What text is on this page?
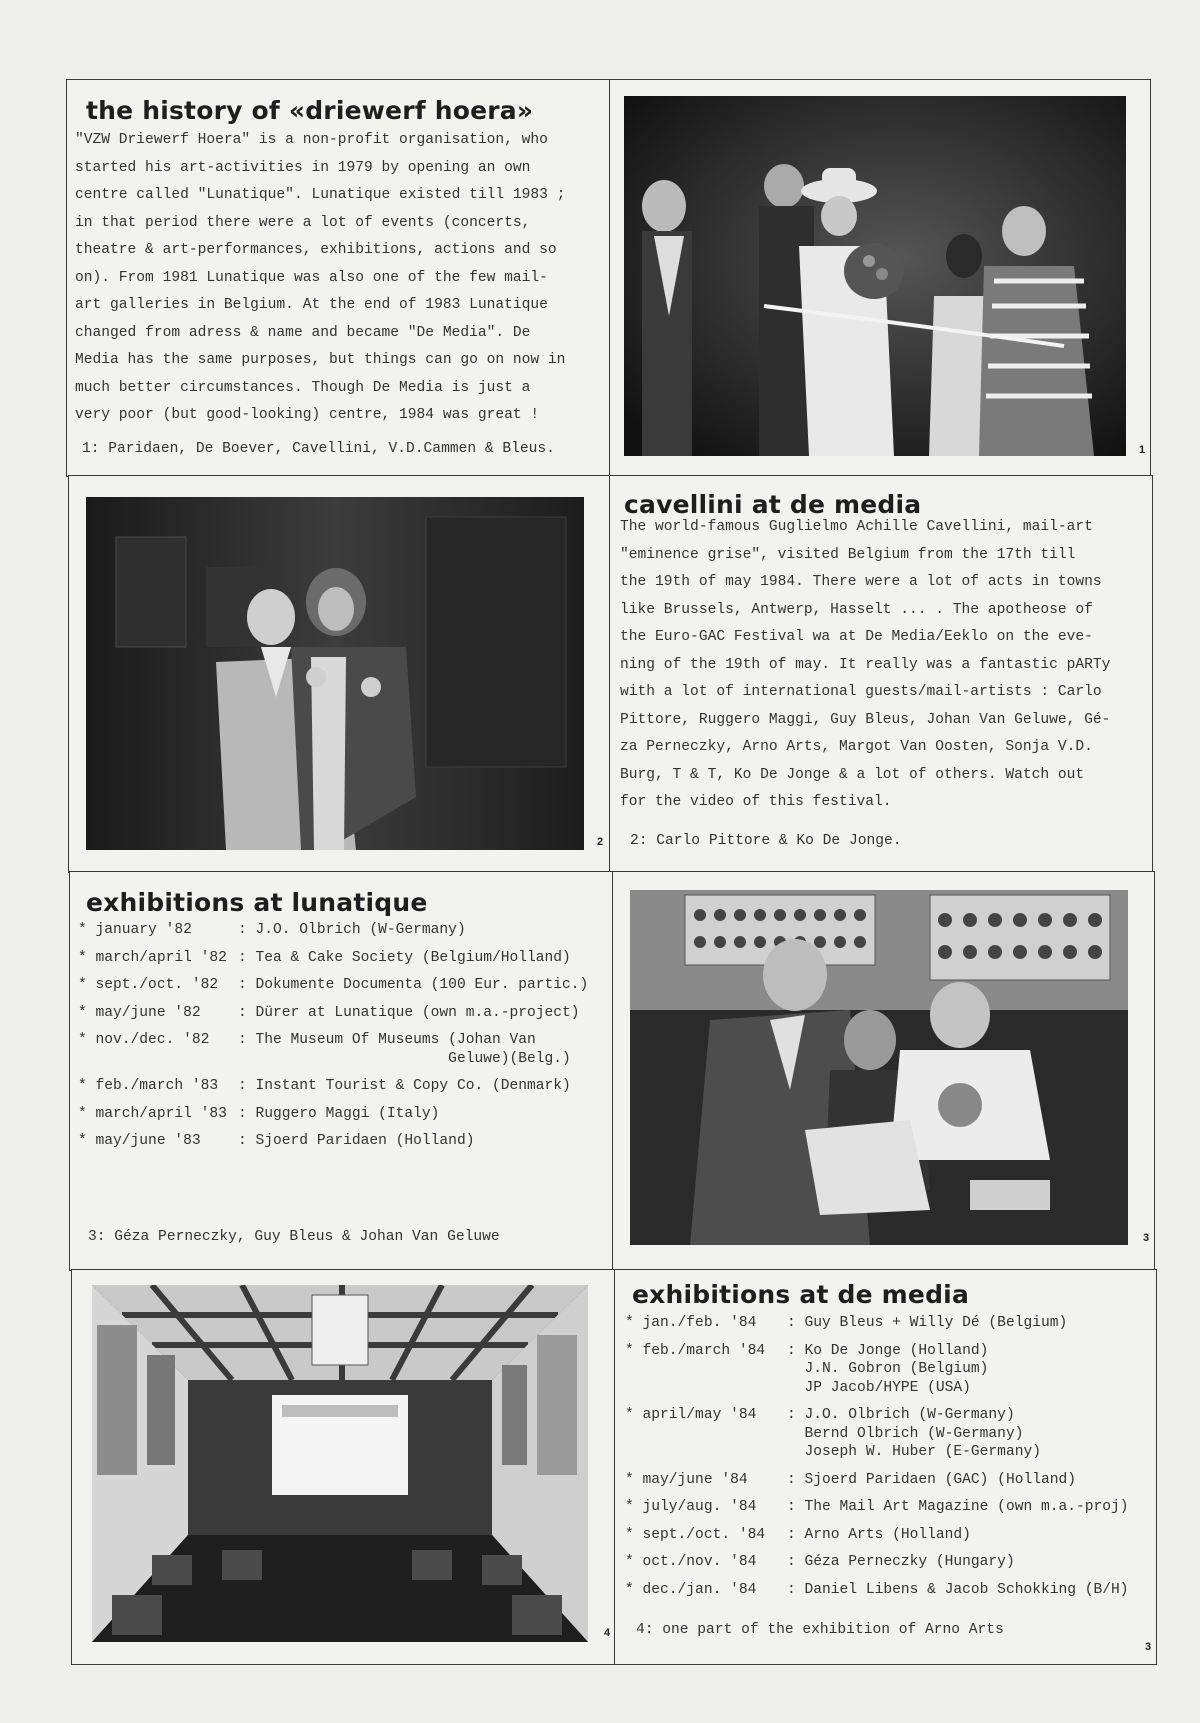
the history of «driewerf hoera»
"VZW Driewerf Hoera" is a non-profit organisation, who
started his art-activities in 1979 by opening an own
centre called "Lunatique". Lunatique existed till 1983 ;
in that period there were a lot of events (concerts,
theatre & art-performances, exhibitions, actions and so
on). From 1981 Lunatique was also one of the few mail-
art galleries in Belgium. At the end of 1983 Lunatique
changed from adress & name and became "De Media". De
Media has the same purposes, but things can go on now in
much better circumstances. Though De Media is just a
very poor (but good-looking) centre, 1984 was great !
1: Paridaen, De Boever, Cavellini, V.D.Cammen & Bleus.	1
2
cavellini at de media
The world-famous Guglielmo Achille Cavellini, mail-art
"eminence grise", visited Belgium from the 17th till
the 19th of may 1984. There were a lot of acts in towns
like Brussels, Antwerp, Hasselt ... . The apotheose of
the Euro-GAC Festival wa at De Media/Eeklo on the eve-
ning of the 19th of may. It really was a fantastic pARTy
with a lot of international guests/mail-artists : Carlo
Pittore, Ruggero Maggi, Guy Bleus, Johan Van Geluwe, Gé-
za Perneczky, Arno Arts, Margot Van Oosten, Sonja V.D.
Burg, T & T, Ko De Jonge & a lot of others. Watch out
for the video of this festival.
2: Carlo Pittore & Ko De Jonge.
exhibitions at lunatique
* january '82	: J.O. Olbrich (W-Germany)
* march/april '82 : Tea & Cake Society (Belgium/Holland)
* sept./oct. '82 : Dokumente Documenta (100 Eur. partic.)
* may/june '82	: Dürer at Lunatique (own m.a.-project)
* nov./dec. '82 : The Museum Of Museums (Johan Van
Geluwe)(Belg.)
* feb./march '83 : Instant Tourist & Copy Co. (Denmark)
* march/april '83 : Ruggero Maggi (Italy)
* may/june '83	: Sjoerd Paridaen (Holland)
3: Géza Perneczky, Guy Bleus & Johan Van Geluwe	3
4
exhibitions at de media
* jan./feb. '84 : Guy Bleus + Willy Dé (Belgium)
* feb./march '84 : Ko De Jonge (Holland)
J.N. Gobron (Belgium)
JP Jacob/HYPE (USA)
* april/may '84 : J.O. Olbrich (W-Germany)
Bernd Olbrich (W-Germany)
Joseph W. Huber (E-Germany)
* may/june '84	: Sjoerd Paridaen (GAC) (Holland)
* july/aug. '84 : The Mail Art Magazine (own m.a.-proj)
* sept./oct. '84 : Arno Arts (Holland)
* oct./nov. '84 : Géza Perneczky (Hungary)
* dec./jan. '84 : Daniel Libens & Jacob Schokking (B/H)
4: one part of the exhibition of Arno Arts
3
